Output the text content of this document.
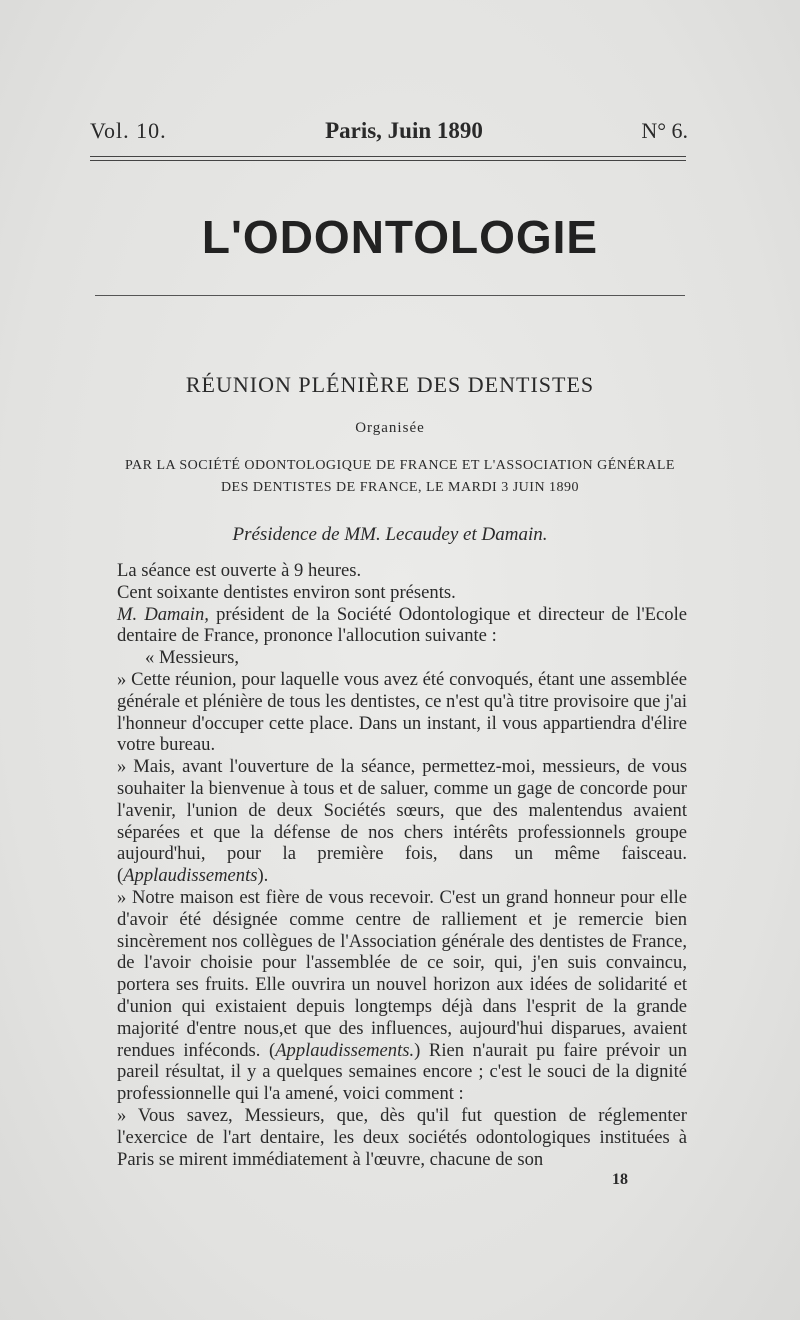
Vol. 10.	Paris, Juin 1890	N° 6.
L'ODONTOLOGIE
RÉUNION PLÉNIÈRE DES DENTISTES
Organisée
PAR LA SOCIÉTÉ ODONTOLOGIQUE DE FRANCE ET L'ASSOCIATION GÉNÉRALE
DES DENTISTES DE FRANCE, LE MARDI 3 JUIN 1890
Présidence de MM. Lecaudey et Damain.

La séance est ouverte à 9 heures.

Cent soixante dentistes environ sont présents.

M. Damain, président de la Société Odontologique et directeur de l'Ecole dentaire de France, prononce l'allocution suivante :

« Messieurs,

» Cette réunion, pour laquelle vous avez été convoqués, étant une assemblée générale et plénière de tous les dentistes, ce n'est qu'à titre provisoire que j'ai l'honneur d'occuper cette place. Dans un instant, il vous appartiendra d'élire votre bureau.

» Mais, avant l'ouverture de la séance, permettez-moi, messieurs, de vous souhaiter la bienvenue à tous et de saluer, comme un gage de concorde pour l'avenir, l'union de deux Sociétés sœurs, que des malentendus avaient séparées et que la défense de nos chers intérêts professionnels groupe aujourd'hui, pour la première fois, dans un même faisceau. (Applaudissements).

» Notre maison est fière de vous recevoir. C'est un grand honneur pour elle d'avoir été désignée comme centre de ralliement et je remercie bien sincèrement nos collègues de l'Association générale des dentistes de France, de l'avoir choisie pour l'assemblée de ce soir, qui, j'en suis convaincu, portera ses fruits. Elle ouvrira un nouvel horizon aux idées de solidarité et d'union qui existaient depuis longtemps déjà dans l'esprit de la grande majorité d'entre nous,et que des influences, aujourd'hui disparues, avaient rendues inféconds. (Applaudissements.) Rien n'aurait pu faire prévoir un pareil résultat, il y a quelques semaines encore ; c'est le souci de la dignité professionnelle qui l'a amené, voici comment :

» Vous savez, Messieurs, que, dès qu'il fut question de réglementer l'exercice de l'art dentaire, les deux sociétés odontologiques instituées à Paris se mirent immédiatement à l'œuvre, chacune de son

18
